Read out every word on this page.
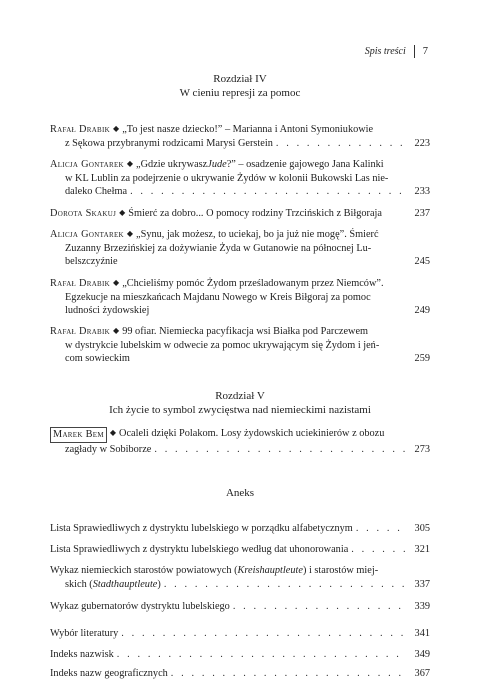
Spis treści 7
Rozdział IV
W cieniu represji za pomoc
Rafał Drabik ◆ „To jest nasze dziecko!” – Marianna i Antoni Symoniukowie
z Sękowa przybranymi rodzicami Marysi Gerstein . . .	223
Alicja Gontarek ◆ „Gdzie ukrywasz Jude ?” – osadzenie gajowego Jana Kalinki
w KL Lublin za podejrzenie o ukrywanie Żydów w kolonii Bukowski Las nie-
daleko Chełma . . .	233
Dorota Skakuj ◆ Śmierć za dobro... O pomocy rodziny Trzcińskich z Biłgoraja	237
Alicja Gontarek ◆ „Synu, jak możesz, to uciekaj, bo ja już nie mogę”. Śmierć
Zuzanny Brzezińskiej za dożywianie Żyda w Gutanowie na północnej Lu-
belszczyźnie	245
Rafał Drabik ◆ „Chcieliśmy pomóc Żydom prześladowanym przez Niemców”.
Egzekucje na mieszkańcach Majdanu Nowego w Kreis Biłgoraj za pomoc
ludności żydowskiej	249
Rafał Drabik ◆ 99 ofiar. Niemiecka pacyfikacja wsi Białka pod Parczewem
w dystrykcie lubelskim w odwecie za pomoc ukrywającym się Żydom i jeń-
com sowieckim	259
Rozdział V
Ich życie to symbol zwycięstwa nad niemieckimi nazistami
Marek Bem ◆ Ocaleli dzięki Polakom. Losy żydowskich uciekinierów z obozu
zagłady w Sobiborze . . .	273
Aneks
Lista Sprawiedliwych z dystryktu lubelskiego w porządku alfabetycznym . . .	305
Lista Sprawiedliwych z dystryktu lubelskiego według dat uhonorowania . . .	321
Wykaz niemieckich starostów powiatowych ( Kreishauptleute ) i starostów miej-
skich ( Stadthauptleute ) . . .	337
Wykaz gubernatorów dystryktu lubelskiego . . .	339
Wybór literatury . . .	341
Indeks nazwisk . . .	349
Indeks nazw geograficznych . . .	367
